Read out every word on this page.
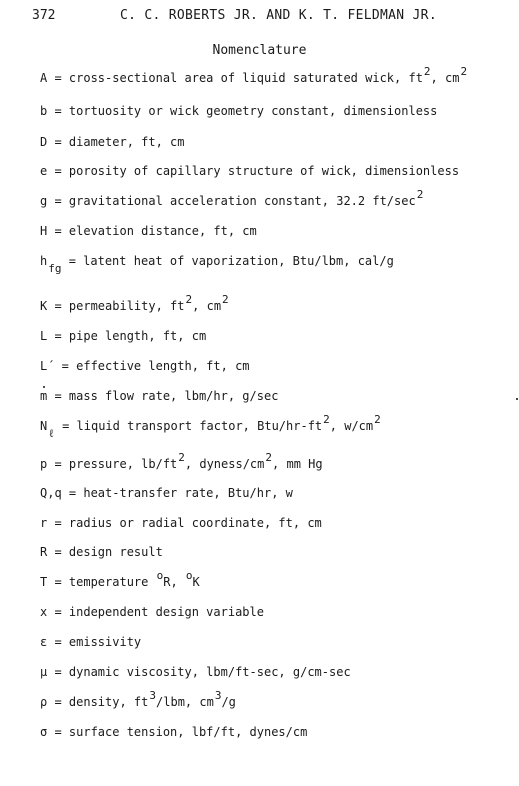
372	C. C. ROBERTS JR. AND K. T. FELDMAN JR.
Nomenclature
A = cross-sectional area of liquid saturated wick, ft2, cm2
b = tortuosity or wick geometry constant, dimensionless
D = diameter, ft, cm
e = porosity of capillary structure of wick, dimensionless
g = gravitational acceleration constant, 32.2 ft/sec2
H = elevation distance, ft, cm
hfg = latent heat of vaporization, Btu/lbm, cal/g
K = permeability, ft2, cm2
L = pipe length, ft, cm
L´ = effective length, ft, cm
m = mass flow rate, lbm/hr, g/sec
Nℓ = liquid transport factor, Btu/hr-ft2, w/cm2
p = pressure, lb/ft2, dyness/cm2, mm Hg
Q,q = heat-transfer rate, Btu/hr, w
r = radius or radial coordinate, ft, cm
R = design result
T = temperature oR, oK
x = independent design variable
ε = emissivity
μ = dynamic viscosity, lbm/ft-sec, g/cm-sec
ρ = density, ft3/lbm, cm3/g
σ = surface tension, lbf/ft, dynes/cm
